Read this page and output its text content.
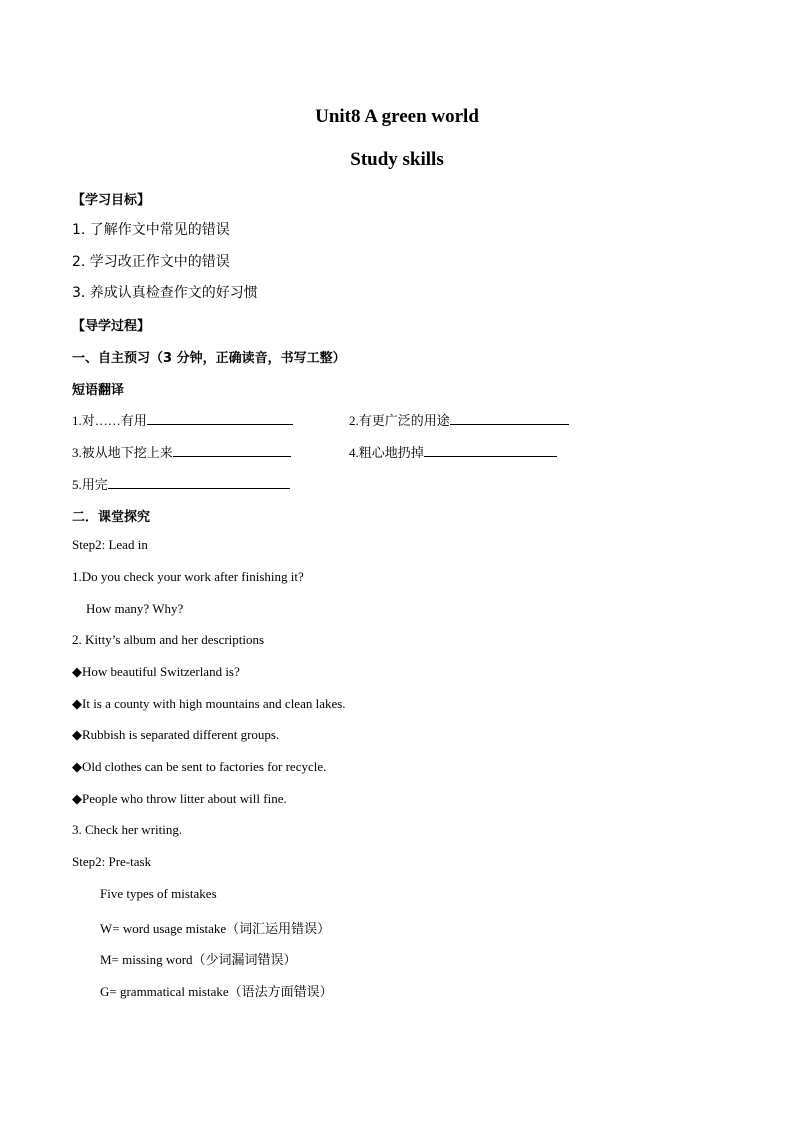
Unit8 A green world
Study skills
【学习目标】
1. 了解作文中常见的错误
2. 学习改正作文中的错误
3. 养成认真检查作文的好习惯
【导学过程】
一、自主预习（3 分钟，正确读音，书写工整）
短语翻译
1.对……有用	2.有更广泛的用途
3.被从地下挖上来	4.粗心地扔掉
5.用完
二．课堂探究
Step2: Lead in
1.Do you check your work after finishing it?
How many? Why?
2. Kitty’s album and her descriptions
◆How beautiful Switzerland is?
◆It is a county with high mountains and clean lakes.
◆Rubbish is separated different groups.
◆Old clothes can be sent to factories for recycle.
◆People who throw litter about will fine.
3. Check her writing.
Step2: Pre-task
Five types of mistakes
W= word usage mistake（词汇运用错误）
M= missing word（少词漏词错误）
G= grammatical mistake（语法方面错误）
